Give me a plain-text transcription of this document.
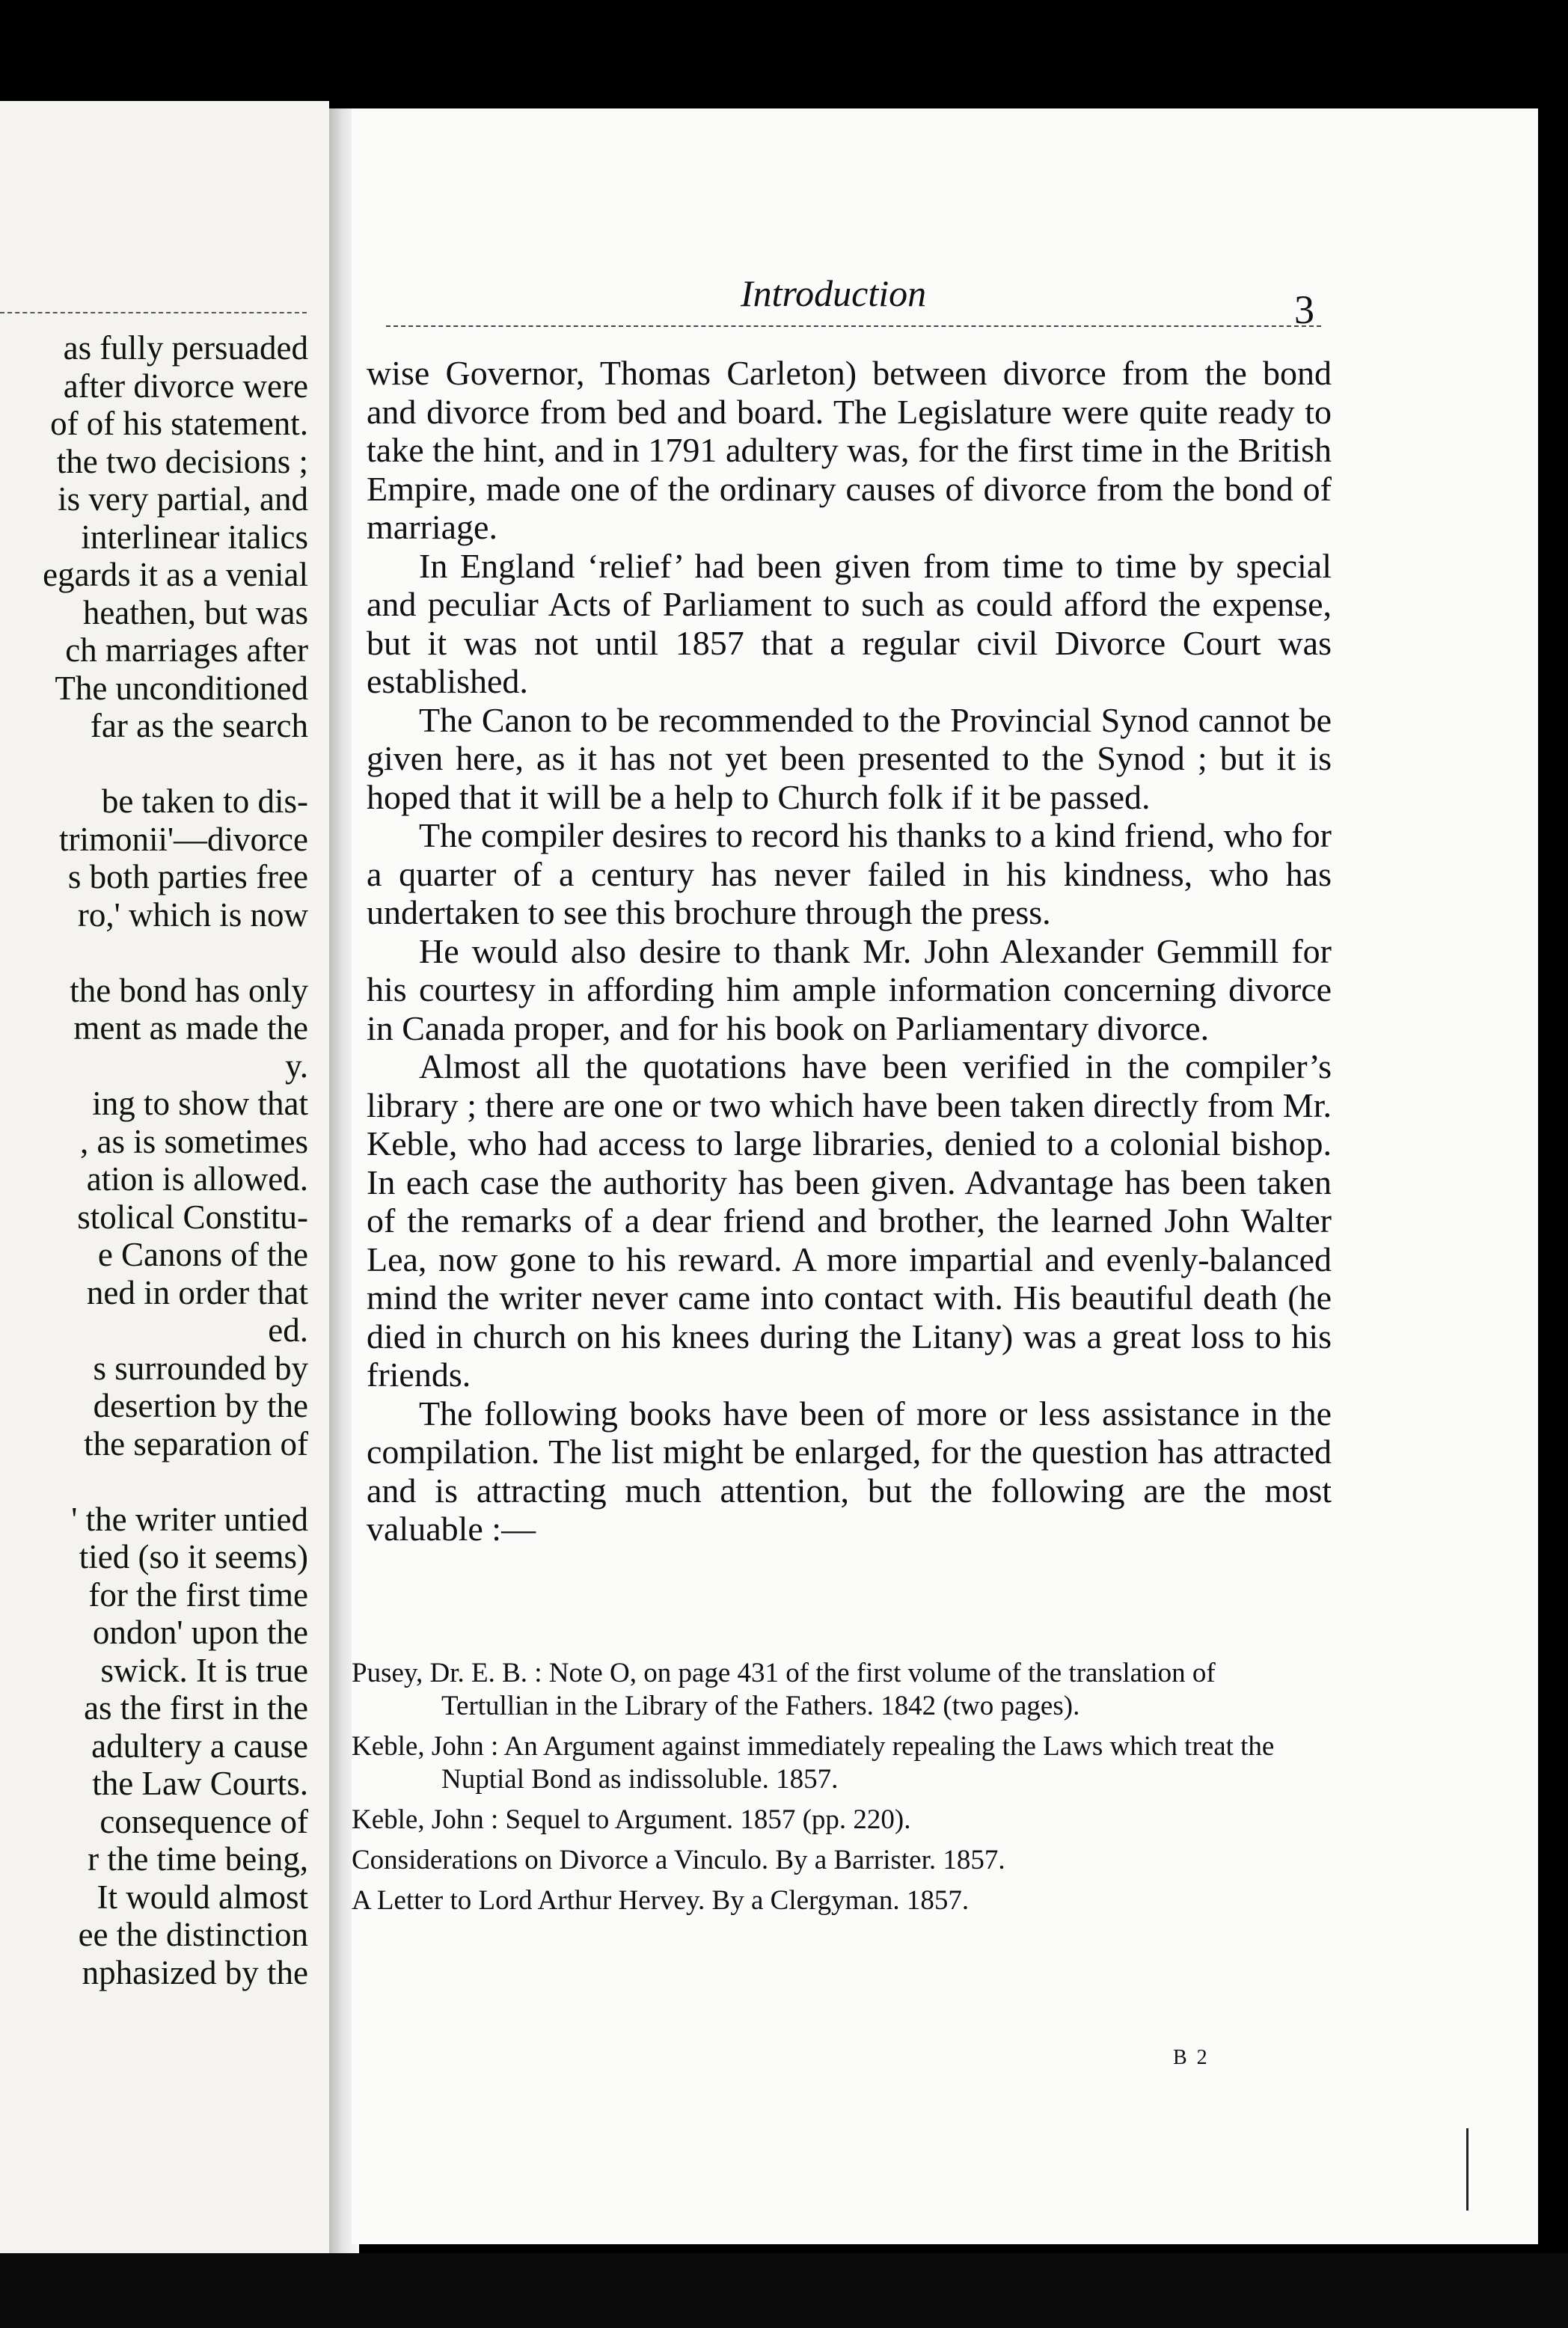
as fully persuaded
after divorce were
of of his statement.
the two decisions ;
is very partial, and
interlinear italics
egards it as a venial
heathen, but was
ch marriages after
The unconditioned
far as the search

be taken to dis-
trimonii'—divorce
s both parties free
ro,' which is now

the bond has only
ment as made the
y.
ing to show that
, as is sometimes
ation is allowed.
stolical Constitu-
e Canons of the
ned in order that
ed.
s surrounded by
desertion by the
the separation of

' the writer untied
tied (so it seems)
for the first time
ondon' upon the
swick. It is true
as the first in the
adultery a cause
the Law Courts.
consequence of
r the time being,
It would almost
ee the distinction
nphasized by the
Introduction	3

wise Governor, Thomas Carleton) between divorce from the bond and divorce from bed and board. The Legislature were quite ready to take the hint, and in 1791 adultery was, for the first time in the British Empire, made one of the ordinary causes of divorce from the bond of marriage.

In England ‘relief’ had been given from time to time by special and peculiar Acts of Parliament to such as could afford the expense, but it was not until 1857 that a regular civil Divorce Court was established.

The Canon to be recommended to the Provincial Synod cannot be given here, as it has not yet been presented to the Synod ; but it is hoped that it will be a help to Church folk if it be passed.

The compiler desires to record his thanks to a kind friend, who for a quarter of a century has never failed in his kindness, who has undertaken to see this brochure through the press.

He would also desire to thank Mr. John Alexander Gemmill for his courtesy in affording him ample information concerning divorce in Canada proper, and for his book on Parliamentary divorce.

Almost all the quotations have been verified in the compiler’s library ; there are one or two which have been taken directly from Mr. Keble, who had access to large libraries, denied to a colonial bishop. In each case the authority has been given. Advantage has been taken of the remarks of a dear friend and brother, the learned John Walter Lea, now gone to his reward. A more impartial and evenly-balanced mind the writer never came into contact with. His beautiful death (he died in church on his knees during the Litany) was a great loss to his friends.

The following books have been of more or less assistance in the compilation. The list might be enlarged, for the question has attracted and is attracting much attention, but the following are the most valuable :—

Pusey, Dr. E. B. : Note O, on page 431 of the first volume of the translation of Tertullian in the Library of the Fathers. 1842 (two pages).

Keble, John : An Argument against immediately repealing the Laws which treat the Nuptial Bond as indissoluble. 1857.

Keble, John : Sequel to Argument. 1857 (pp. 220).

Considerations on Divorce a Vinculo. By a Barrister. 1857.

A Letter to Lord Arthur Hervey. By a Clergyman. 1857.

B 2
